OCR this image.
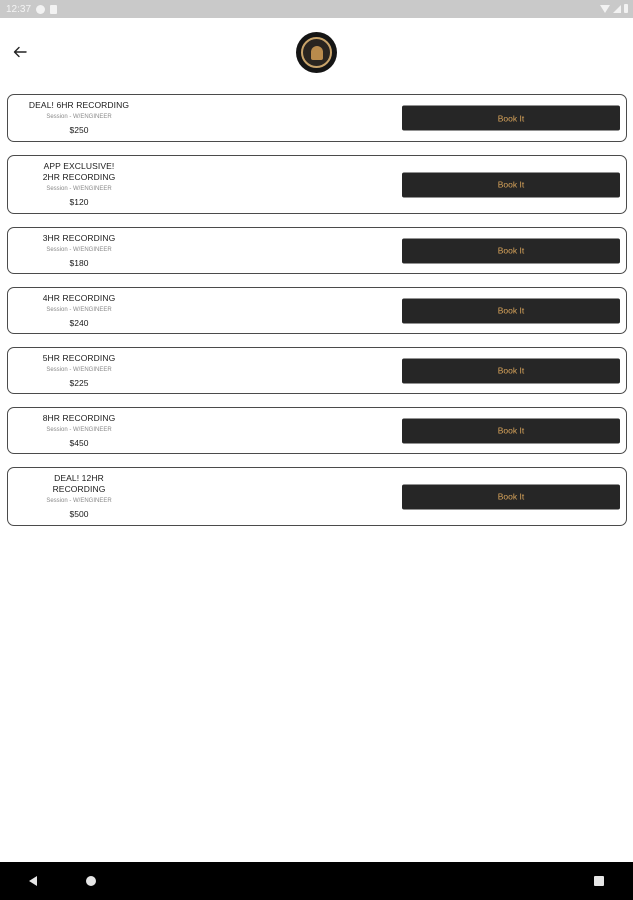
12:37
DEAL! 6HR RECORDING
Session - W/ENGINEER
$250
Book It
APP EXCLUSIVE! 2HR RECORDING
Session - W/ENGINEER
$120
Book It
3HR RECORDING
Session - W/ENGINEER
$180
Book It
4HR RECORDING
Session - W/ENGINEER
$240
Book It
5HR RECORDING
Session - W/ENGINEER
$225
Book It
8HR RECORDING
Session - W/ENGINEER
$450
Book It
DEAL! 12HR RECORDING
Session - W/ENGINEER
$500
Book It
